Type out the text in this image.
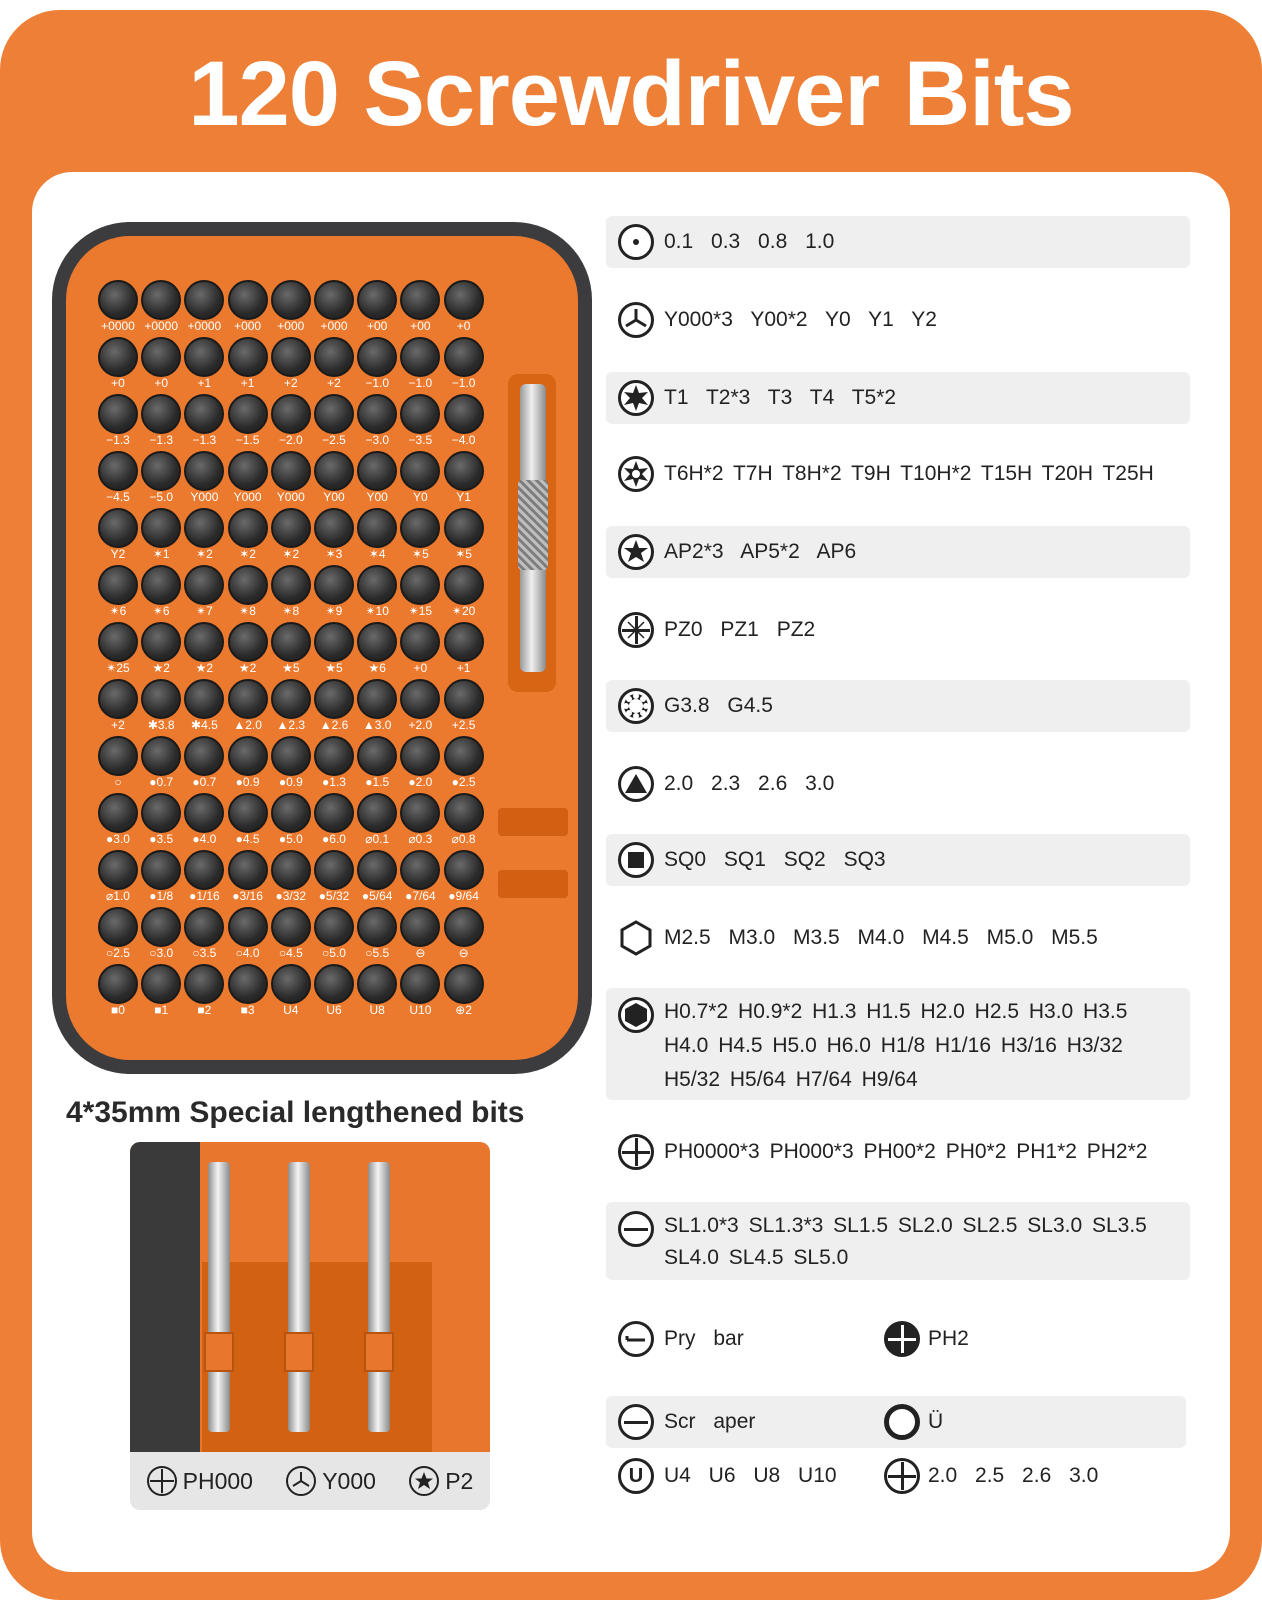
120 Screwdriver Bits
+0000 +0000 +0000	+000	+000	+000	+00	+00	+0
+0	+0	+1	+1	+2	+2	−1.0	−1.0	−1.0
−1.3	−1.3	−1.3	−1.5	−2.0	−2.5	−3.0	−3.5	−4.0
−4.5	−5.0	Y000	Y000	Y000	Y00	Y00	Y0	Y1
Y2	✶1	✶2	✶2	✶2	✶3	✶4	✶5	✶5
✴6	✴6	✴7	✴8	✴8	✴9	✴10	✴15	✴20
✴25	★2	★2	★2	★5	★5	★6	+0	+1
+2	✱3.8	✱4.5	▲2.0	▲2.3	▲2.6	▲3.0	+2.0	+2.5
○	●0.7	●0.7	●0.9	●0.9	●1.3	●1.5	●2.0	●2.5
●3.0	●3.5	●4.0	●4.5	●5.0	●6.0	⌀0.1	⌀0.3	⌀0.8
⌀1.0	●1/8	●1/16	●3/16	●3/32	●5/32	●5/64	●7/64	●9/64
○2.5	○3.0	○3.5	○4.0	○4.5	○5.0	○5.5	⊖	⊖
■0	■1	■2	■3	U4	U6	U8	U10	⊕2
0.1 0.3 0.8 1.0
Y000*3 Y00*2 Y0 Y1 Y2
T1 T2*3 T3 T4 T5*2
T6H*2 T7H T8H*2 T9H T10H*2 T15H T20H T25H
AP2*3 AP5*2 AP6
PZ0 PZ1 PZ2
G3.8 G4.5
2.0 2.3 2.6 3.0
SQ0 SQ1 SQ2 SQ3
M2.5 M3.0 M3.5 M4.0 M4.5 M5.0 M5.5
H0.7*2 H0.9*2 H1.3 H1.5 H2.0 H2.5 H3.0 H3.5
H4.0 H4.5 H5.0 H6.0 H1/8 H1/16 H3/16 H3/32
H5/32 H5/64 H7/64 H9/64
PH0000*3 PH000*3 PH00*2 PH0*2 PH1*2 PH2*2
SL1.0*3 SL1.3*3 SL1.5 SL2.0 SL2.5 SL3.0 SL3.5
SL4.0 SL4.5 SL5.0
Pry bar	PH2
Scr aper	Ü
U U4 U6 U8 U10	2.0 2.5 2.6 3.0
4*35mm Special lengthened bits
PH000	Y000	P2
